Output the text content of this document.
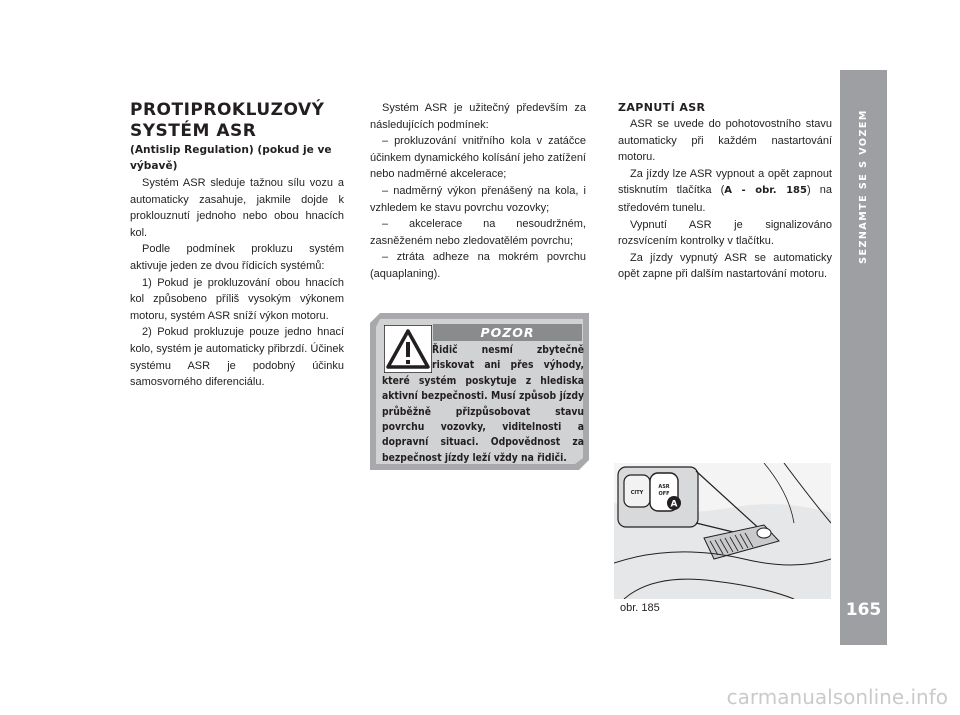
SEZNAMTE SE S VOZEM
165
PROTIPROKLUZOVÝ
SYSTÉM ASR
(Antislip Regulation) (pokud je ve výbavě)

Systém ASR sleduje tažnou sílu vozu a automaticky zasahuje, jakmile dojde k proklouznutí jednoho nebo obou hnacích kol.

Podle podmínek prokluzu systém aktivuje jeden ze dvou řídicích systémů:

1) Pokud je prokluzování obou hnacích kol způsobeno příliš vysokým výkonem motoru, systém ASR sníží výkon motoru.

2) Pokud prokluzuje pouze jedno hnací kolo, systém je automaticky přibrzdí. Účinek systému ASR je podobný účinku samosvorného diferenciálu.

Systém ASR je užitečný především za následujících podmínek:

– prokluzování vnitřního kola v zatáčce účinkem dynamického kolísání jeho zatížení nebo nadměrné akcelerace;

– nadměrný výkon přenášený na kola, i vzhledem ke stavu povrchu vozovky;

– akcelerace na nesoudržném, zasněženém nebo zledovatělém povrchu;

– ztráta adheze na mokrém povrchu (aquaplaning).

POZOR
Řidič nesmí zbytečně riskovat ani přes výhody, které systém poskytuje z hlediska aktivní bezpečnosti. Musí způsob jízdy průběžně přizpůsobovat stavu povrchu vozovky, viditelnosti a dopravní situaci. Odpovědnost za bezpečnost jízdy leží vždy na řidiči.
ZAPNUTÍ ASR

ASR se uvede do pohotovostního stavu automaticky při každém nastartování motoru.

Za jízdy lze ASR vypnout a opět zapnout stisknutím tlačítka (A - obr. 185) na středovém tunelu.

Vypnutí ASR je signalizováno rozsvícením kontrolky v tlačítku.

Za jízdy vypnutý ASR se automaticky opět zapne při dalším nastartování motoru.

CITY
ASR
OFF
A
obr. 185
carmanualsonline.info
